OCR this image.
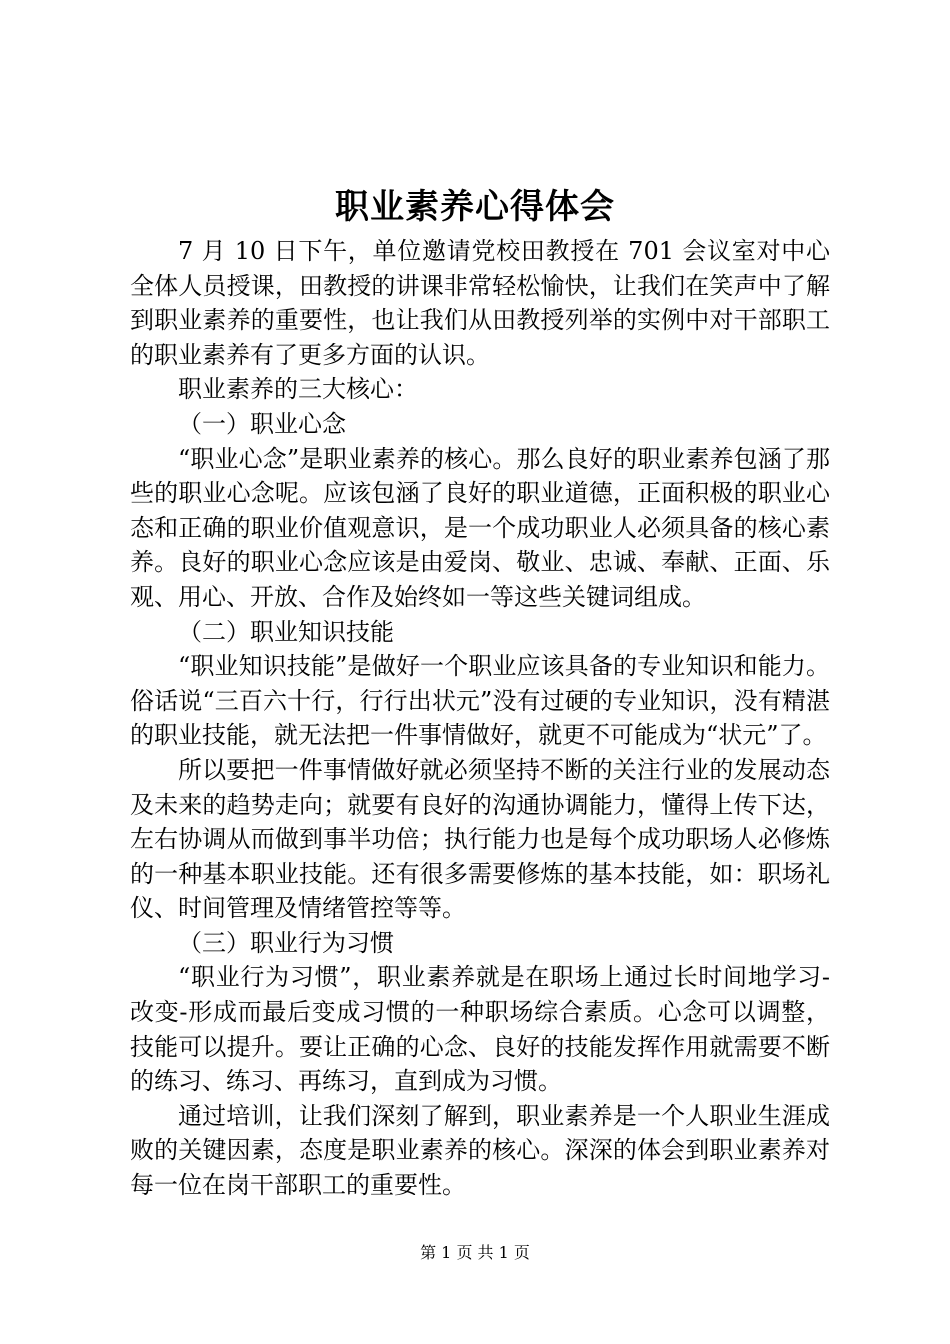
职业素养心得体会

7 月 10 日下午，单位邀请党校田教授在 701 会议室对中心全体人员授课，田教授的讲课非常轻松愉快，让我们在笑声中了解到职业素养的重要性，也让我们从田教授列举的实例中对干部职工的职业素养有了更多方面的认识。

职业素养的三大核心：

（一）职业心念

“职业心念”是职业素养的核心。那么良好的职业素养包涵了那些的职业心念呢。应该包涵了良好的职业道德，正面积极的职业心态和正确的职业价值观意识，是一个成功职业人必须具备的核心素养。良好的职业心念应该是由爱岗、敬业、忠诚、奉献、正面、乐观、用心、开放、合作及始终如一等这些关键词组成。

（二）职业知识技能

“职业知识技能”是做好一个职业应该具备的专业知识和能力。俗话说“三百六十行，行行出状元”没有过硬的专业知识，没有精湛的职业技能，就无法把一件事情做好，就更不可能成为“状元”了。

所以要把一件事情做好就必须坚持不断的关注行业的发展动态及未来的趋势走向；就要有良好的沟通协调能力，懂得上传下达，左右协调从而做到事半功倍；执行能力也是每个成功职场人必修炼的一种基本职业技能。还有很多需要修炼的基本技能，如：职场礼仪、时间管理及情绪管控等等。

（三）职业行为习惯

“职业行为习惯”，职业素养就是在职场上通过长时间地学习-改变-形成而最后变成习惯的一种职场综合素质。心念可以调整，技能可以提升。要让正确的心念、良好的技能发挥作用就需要不断的练习、练习、再练习，直到成为习惯。

通过培训，让我们深刻了解到，职业素养是一个人职业生涯成败的关键因素，态度是职业素养的核心。深深的体会到职业素养对每一位在岗干部职工的重要性。

第 1 页 共 1 页
